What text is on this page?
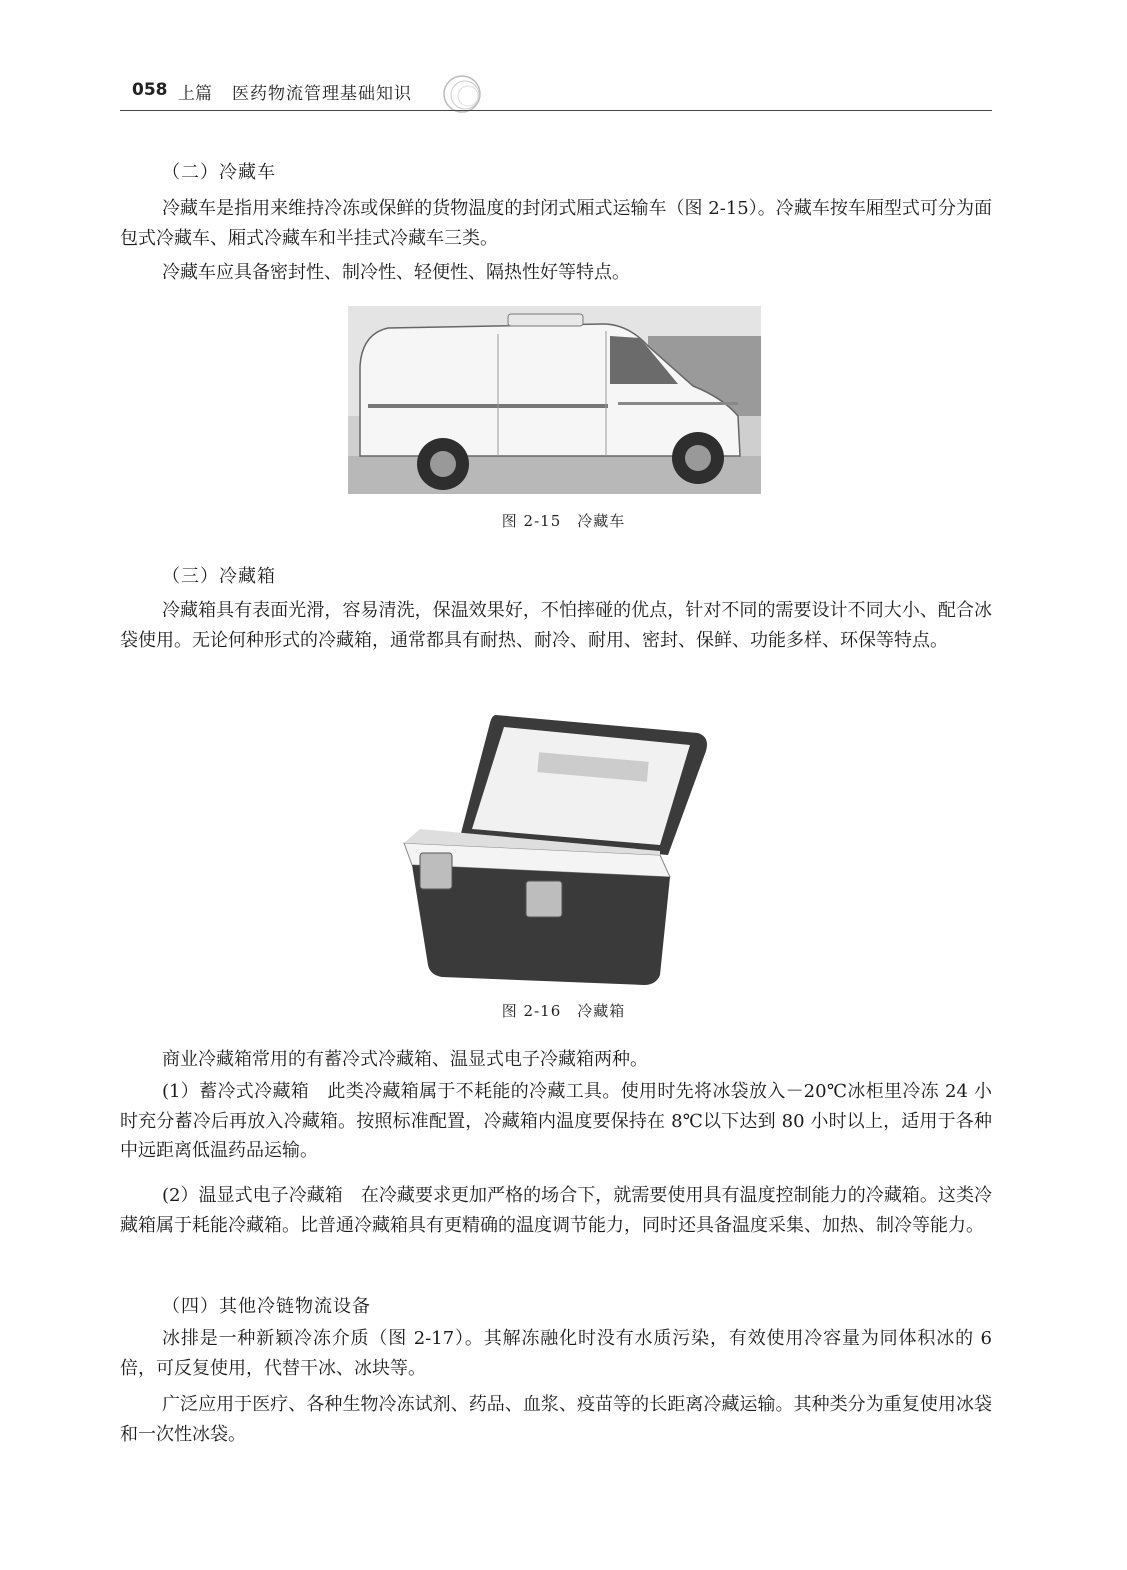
058 上篇 医药物流管理基础知识
（二）冷藏车

冷藏车是指用来维持冷冻或保鲜的货物温度的封闭式厢式运输车（图 2-15）。冷藏车按车厢型式可分为面包式冷藏车、厢式冷藏车和半挂式冷藏车三类。

冷藏车应具备密封性、制冷性、轻便性、隔热性好等特点。

图 2-15　冷藏车
（三）冷藏箱

冷藏箱具有表面光滑，容易清洗，保温效果好，不怕摔碰的优点，针对不同的需要设计不同大小、配合冰袋使用。无论何种形式的冷藏箱，通常都具有耐热、耐冷、耐用、密封、保鲜、功能多样、环保等特点。

图 2-16　冷藏箱

商业冷藏箱常用的有蓄冷式冷藏箱、温显式电子冷藏箱两种。

(1）蓄冷式冷藏箱　此类冷藏箱属于不耗能的冷藏工具。使用时先将冰袋放入－20℃冰柜里冷冻 24 小时充分蓄冷后再放入冷藏箱。按照标准配置，冷藏箱内温度要保持在 8℃以下达到 80 小时以上，适用于各种中远距离低温药品运输。

(2）温显式电子冷藏箱　在冷藏要求更加严格的场合下，就需要使用具有温度控制能力的冷藏箱。这类冷藏箱属于耗能冷藏箱。比普通冷藏箱具有更精确的温度调节能力，同时还具备温度采集、加热、制冷等能力。

（四）其他冷链物流设备

冰排是一种新颖冷冻介质（图 2-17）。其解冻融化时没有水质污染，有效使用冷容量为同体积冰的 6 倍，可反复使用，代替干冰、冰块等。

广泛应用于医疗、各种生物冷冻试剂、药品、血浆、疫苗等的长距离冷藏运输。其种类分为重复使用冰袋和一次性冰袋。
